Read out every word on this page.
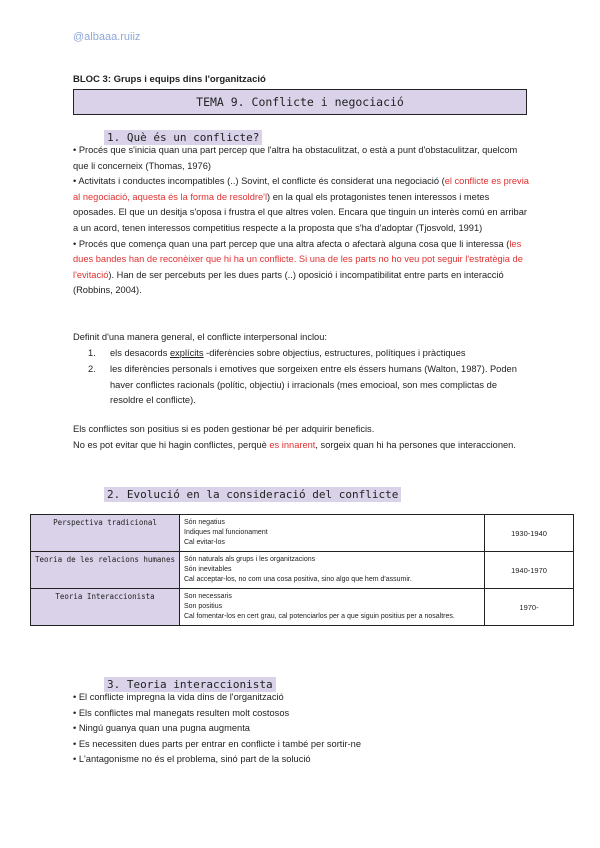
@albaaa.ruiiz
BLOC 3: Grups i equips dins l'organització
TEMA 9. Conflicte i negociació
1. Què és un conflicte?
• Procés que s'inicia quan una part percep que l'altra ha obstaculitzat, o està a punt d'obstaculitzar, quelcom que li concerneix (Thomas, 1976)
• Activitats i conductes incompatibles (..) Sovint, el conflicte és considerat una negociació (el conflicte es previa al negociació, aquesta és la forma de resoldre'l) en la qual els protagonistes tenen interessos i metes oposades. El que un desitja s'oposa i frustra el que altres volen. Encara que tinguin un interès comú en arribar a un acord, tenen interessos competitius respecte a la proposta que s'ha d'adoptar (Tjosvold, 1991)
• Procés que comença quan una part percep que una altra afecta o afectarà alguna cosa que li interessa (les dues bandes han de reconèixer que hi ha un conflicte. Si una de les parts no ho veu pot seguir l'estratègia de l'evitació). Han de ser percebuts per les dues parts (..) oposició i incompatibilitat entre parts en interacció (Robbins, 2004).
Definit d'una manera general, el conflicte interpersonal inclou:
1. els desacords explícits -diferències sobre objectius, estructures, polítiques i pràctiques
2. les diferències personals i emotives que sorgeixen entre els éssers humans (Walton, 1987). Poden haver conflictes racionals (polític, objectiu) i irracionals (mes emocioal, son mes complictas de resoldre el conflicte).
Els conflictes son positius si es poden gestionar bé per adquirir beneficis.
No es pot evitar que hi hagin conflictes, perquè es innarent, sorgeix quan hi ha persones que interaccionen.
2. Evolució en la consideració del conflicte
Perspectiva tradicional	Són negatius
Indiques mal funcionament
Cal evitar-los	1930-1940
Teoria de les relacions humanes	Són naturals als grups i les organitzacions
Són inevitables
Cal acceptar-los, no com una cosa positiva, sino algo que hem d'assumir.	1940-1970
Teoria Interaccionista	Son necessaris
Son positius
Cal fomentar-los en cert grau, cal potenciarlos per a que siguin positius per a nosaltres.	1970-
3. Teoria interaccionista
• El conflicte impregna la vida dins de l'organització
• Els conflictes mal manegats resulten molt costosos
• Ningú guanya quan una pugna augmenta
• Es necessiten dues parts per entrar en conflicte i també per sortir-ne
• L'antagonisme no és el problema, sinó part de la solució
